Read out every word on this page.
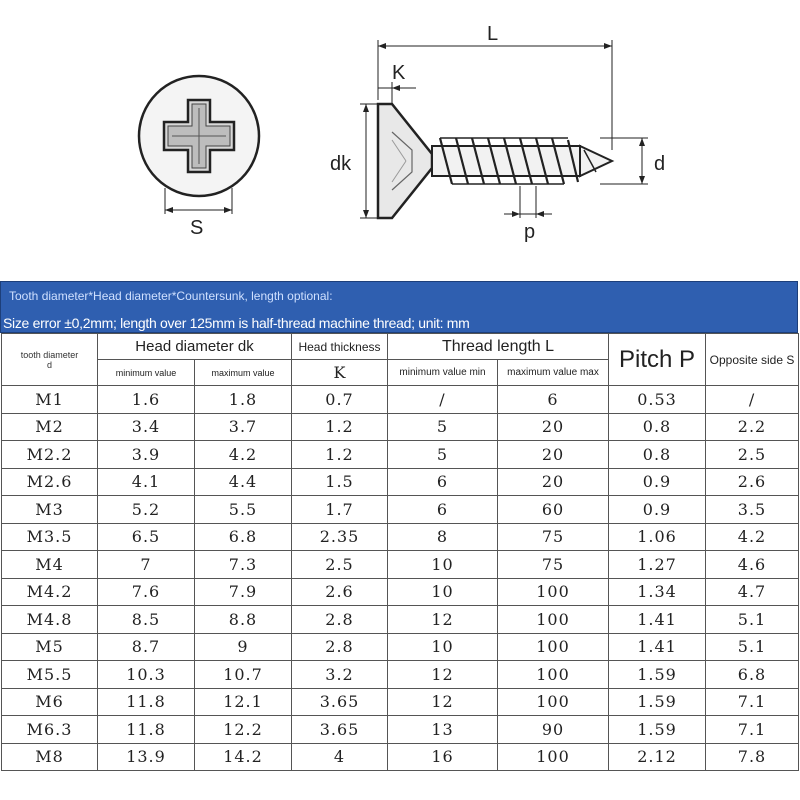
S
L
K
dk	d
p
Tooth diameter*Head diameter*Countersunk, length optional:
Size error ±0,2mm; length over 125mm is half-thread machine thread; unit: mm
tooth diameter
d	Head diameter dk		Head thickness	Thread length L		Pitch P	Opposite side S
	minimum value	maximum value	K	minimum value min	maximum value max		
M1	1.6	1.8	0.7	/	6	0.53	/
M2	3.4	3.7	1.2	5	20	0.8	2.2
M2.2	3.9	4.2	1.2	5	20	0.8	2.5
M2.6	4.1	4.4	1.5	6	20	0.9	2.6
M3	5.2	5.5	1.7	6	60	0.9	3.5
M3.5	6.5	6.8	2.35	8	75	1.06	4.2
M4	7	7.3	2.5	10	75	1.27	4.6
M4.2	7.6	7.9	2.6	10	100	1.34	4.7
M4.8	8.5	8.8	2.8	12	100	1.41	5.1
M5	8.7	9	2.8	10	100	1.41	5.1
M5.5	10.3	10.7	3.2	12	100	1.59	6.8
M6	11.8	12.1	3.65	12	100	1.59	7.1
M6.3	11.8	12.2	3.65	13	90	1.59	7.1
M8	13.9	14.2	4	16	100	2.12	7.8
